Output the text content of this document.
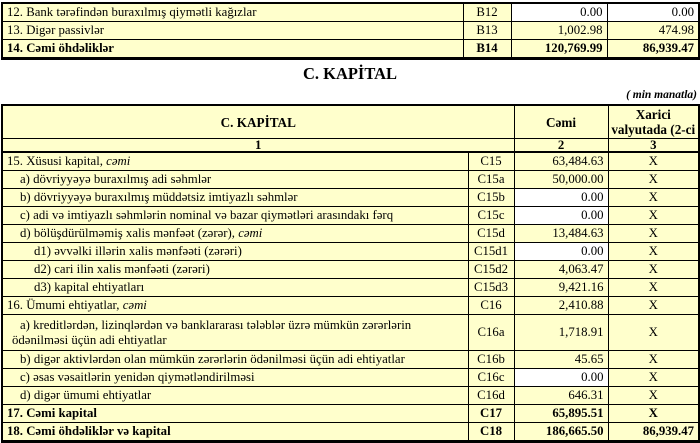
12. Bank tərəfindən buraxılmış qiymətli kağızlar	B12	0.00	0.00
13. Digər passivlər	B13	1,002.98	474.98
14. Cəmi öhdəliklər	B14	120,769.99	86,939.47
C. KAPİTAL
( min manatla)
C. KAPİTAL		Cəmi	Xarici
valyutada (2-ci

1		2	3
15. Xüsusi kapital, cəmi	C15	63,484.63	X
a) dövriyyəyə buraxılmış adi səhmlər	C15a	50,000.00	X
b) dövriyyəyə buraxılmış müddətsiz imtiyazlı səhmlər	C15b	0.00	X
c) adi və imtiyazlı səhmlərin nominal və bazar qiymətləri arasındakı fərq	C15c	0.00	X
d) bölüşdürülməmiş xalis mənfəət (zərər), cəmi	C15d	13,484.63	X
d1) əvvəlki illərin xalis mənfəəti (zərəri)	C15d1	0.00	X
d2) cari ilin xalis mənfəəti (zərəri)	C15d2	4,063.47	X
d3) kapital ehtiyatları	C15d3	9,421.16	X
16. Ümumi ehtiyatlar, cəmi	C16	2,410.88	X
a) kreditlərdən, lizinqlərdən və banklararası tələblər üzrə mümkün zərərlərin ödənilməsi üçün adi ehtiyatlar	C16a	1,718.91	X
b) digər aktivlərdən olan mümkün zərərlərin ödənilməsi üçün adi ehtiyatlar	C16b	45.65	X
c) əsas vəsaitlərin yenidən qiymətləndirilməsi	C16c	0.00	X
d) digər ümumi ehtiyatlar	C16d	646.31	X
17. Cəmi kapital	C17	65,895.51	X
18. Cəmi öhdəliklər və kapital	C18	186,665.50	86,939.47
